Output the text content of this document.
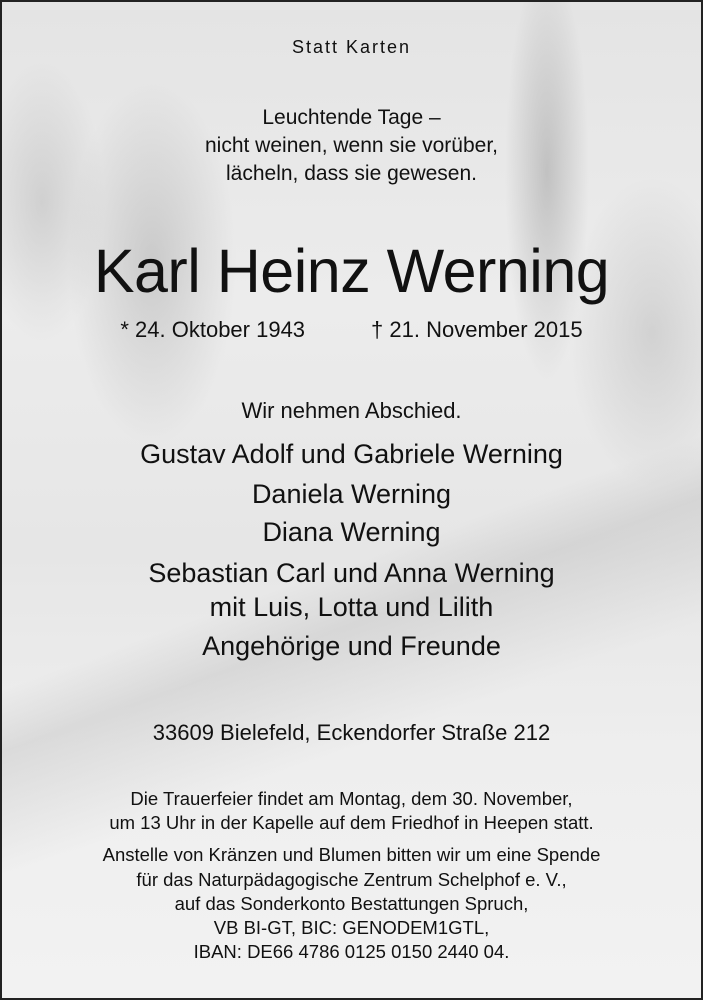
Statt Karten
Leuchtende Tage –
nicht weinen, wenn sie vorüber,
lächeln, dass sie gewesen.
Karl Heinz Werning
* 24. Oktober 1943	† 21. November 2015
Wir nehmen Abschied.
Gustav Adolf und Gabriele Werning
Daniela Werning
Diana Werning
Sebastian Carl und Anna Werning
mit Luis, Lotta und Lilith
Angehörige und Freunde
33609 Bielefeld, Eckendorfer Straße 212
Die Trauerfeier findet am Montag, dem 30. November,
um 13 Uhr in der Kapelle auf dem Friedhof in Heepen statt.
Anstelle von Kränzen und Blumen bitten wir um eine Spende
für das Naturpädagogische Zentrum Schelphof e. V.,
auf das Sonderkonto Bestattungen Spruch,
VB BI-GT, BIC: GENODEM1GTL,
IBAN: DE66 4786 0125 0150 2440 04.
